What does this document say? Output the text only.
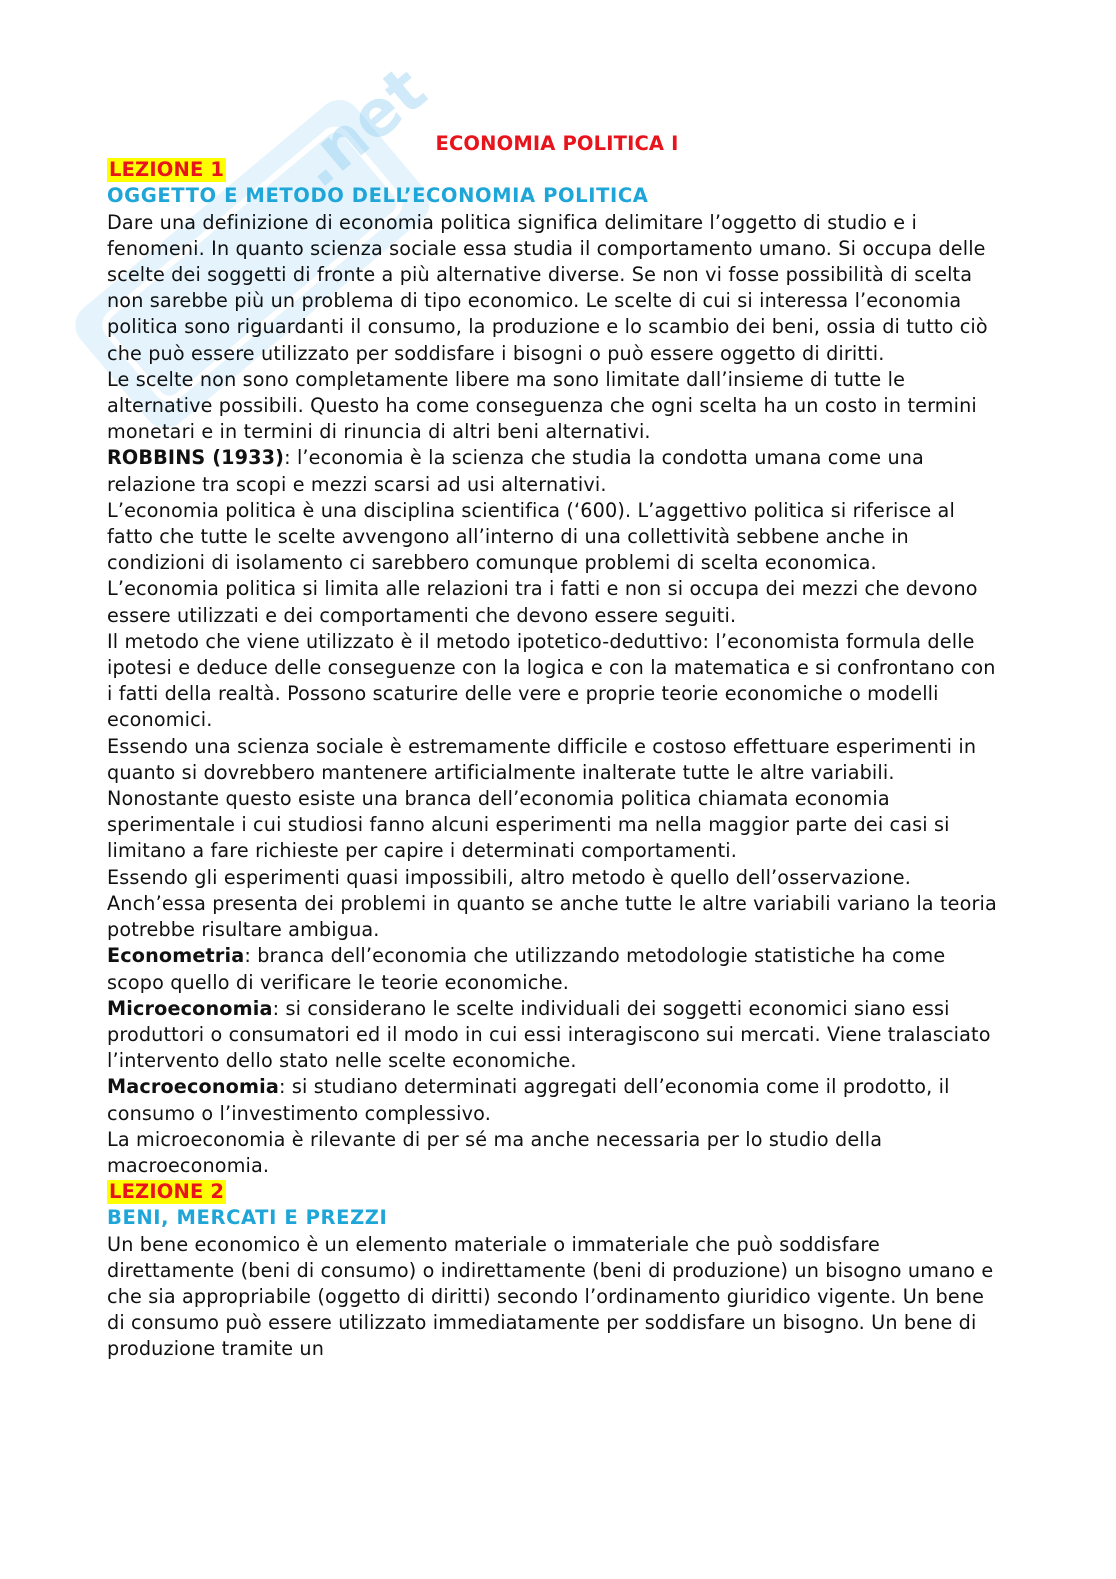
.net
ECONOMIA POLITICA I
LEZIONE 1
OGGETTO E METODO DELL’ECONOMIA POLITICA

Dare una definizione di economia politica significa delimitare l’oggetto di studio e i fenomeni. In quanto scienza sociale essa studia il comportamento umano. Si occupa delle scelte dei soggetti di fronte a più alternative diverse. Se non vi fosse possibilità di scelta non sarebbe più un problema di tipo economico. Le scelte di cui si interessa l’economia politica sono riguardanti il consumo, la produzione e lo scambio dei beni, ossia di tutto ciò che può essere utilizzato per soddisfare i bisogni o può essere oggetto di diritti.

Le scelte non sono completamente libere ma sono limitate dall’insieme di tutte le alternative possibili. Questo ha come conseguenza che ogni scelta ha un costo in termini monetari e in termini di rinuncia di altri beni alternativi.

ROBBINS (1933): l’economia è la scienza che studia la condotta umana come una relazione tra scopi e mezzi scarsi ad usi alternativi.

L’economia politica è una disciplina scientifica (‘600). L’aggettivo politica si riferisce al fatto che tutte le scelte avvengono all’interno di una collettività sebbene anche in condizioni di isolamento ci sarebbero comunque problemi di scelta economica.

L’economia politica si limita alle relazioni tra i fatti e non si occupa dei mezzi che devono essere utilizzati e dei comportamenti che devono essere seguiti.

Il metodo che viene utilizzato è il metodo ipotetico-deduttivo: l’economista formula delle ipotesi e deduce delle conseguenze con la logica e con la matematica e si confrontano con i fatti della realtà. Possono scaturire delle vere e proprie teorie economiche o modelli economici.

Essendo una scienza sociale è estremamente difficile e costoso effettuare esperimenti in quanto si dovrebbero mantenere artificialmente inalterate tutte le altre variabili. Nonostante questo esiste una branca dell’economia politica chiamata economia sperimentale i cui studiosi fanno alcuni esperimenti ma nella maggior parte dei casi si limitano a fare richieste per capire i determinati comportamenti.

Essendo gli esperimenti quasi impossibili, altro metodo è quello dell’osservazione. Anch’essa presenta dei problemi in quanto se anche tutte le altre variabili variano la teoria potrebbe risultare ambigua.

Econometria: branca dell’economia che utilizzando metodologie statistiche ha come scopo quello di verificare le teorie economiche.

Microeconomia: si considerano le scelte individuali dei soggetti economici siano essi produttori o consumatori ed il modo in cui essi interagiscono sui mercati. Viene tralasciato l’intervento dello stato nelle scelte economiche.

Macroeconomia: si studiano determinati aggregati dell’economia come il prodotto, il consumo o l’investimento complessivo.

La microeconomia è rilevante di per sé ma anche necessaria per lo studio della macroeconomia.

LEZIONE 2
BENI, MERCATI E PREZZI

Un bene economico è un elemento materiale o immateriale che può soddisfare direttamente (beni di consumo) o indirettamente (beni di produzione) un bisogno umano e che sia appropriabile (oggetto di diritti) secondo l’ordinamento giuridico vigente. Un bene di consumo può essere utilizzato immediatamente per soddisfare un bisogno. Un bene di produzione tramite un
